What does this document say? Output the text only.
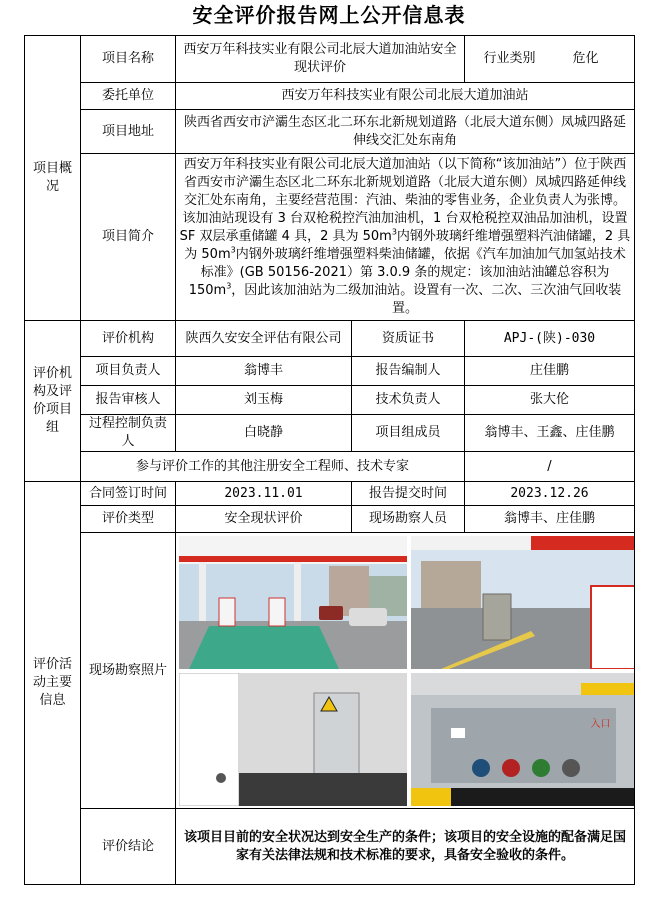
安全评价报告网上公开信息表
项目概况	项目名称	西安万年科技实业有限公司北辰大道加油站安全现状评价		行业类别 危化
	委托单位	西安万年科技实业有限公司北辰大道加油站		
	项目地址	陕西省西安市浐灞生态区北二环东北新规划道路（北辰大道东侧）凤城四路延伸线交汇处东南角		
	项目简介	西安万年科技实业有限公司北辰大道加油站（以下简称“该加油站”）位于陕西省西安市浐灞生态区北二环东北新规划道路（北辰大道东侧）凤城四路延伸线交汇处东南角，主要经营范围：汽油、柴油的零售业务，企业负责人为张博。该加油站现设有 3 台双枪税控汽油加油机，1 台双枪税控双油品加油机，设置 SF 双层承重储罐 4 具，2 具为 $50m^3$内钢外玻璃纤维增强塑料汽油储罐，2 具为 $50m^3$内钢外玻璃纤维增强塑料柴油储罐，依据《汽车加油加气加氢站技术标准》(GB 50156-2021）第 3.0.9 条的规定：该加油站油罐总容积为 $150m^3$，因此该加油站为二级加油站。设置有一次、二次、三次油气回收装置。		
评价机构及评价项目组	评价机构	陕西久安安全评估有限公司	资质证书	APJ-(陕)-030
	项目负责人	翁博丰	报告编制人	庄佳鹏
	报告审核人	刘玉梅	技术负责人	张大伦
	过程控制负责人	白晓静	项目组成员	翁博丰、王鑫、庄佳鹏
	参与评价工作的其他注册安全工程师、技术专家			/
评价活动主要信息	合同签订时间	2023.11.01	报告提交时间	2023.12.26
	评价类型	安全现状评价	现场勘察人员	翁博丰、庄佳鹏
	现场勘察照片	入口		

	评价结论	该项目目前的安全状况达到安全生产的条件；该项目的安全设施的配备满足国家有关法律法规和技术标准的要求，具备安全验收的条件。		
